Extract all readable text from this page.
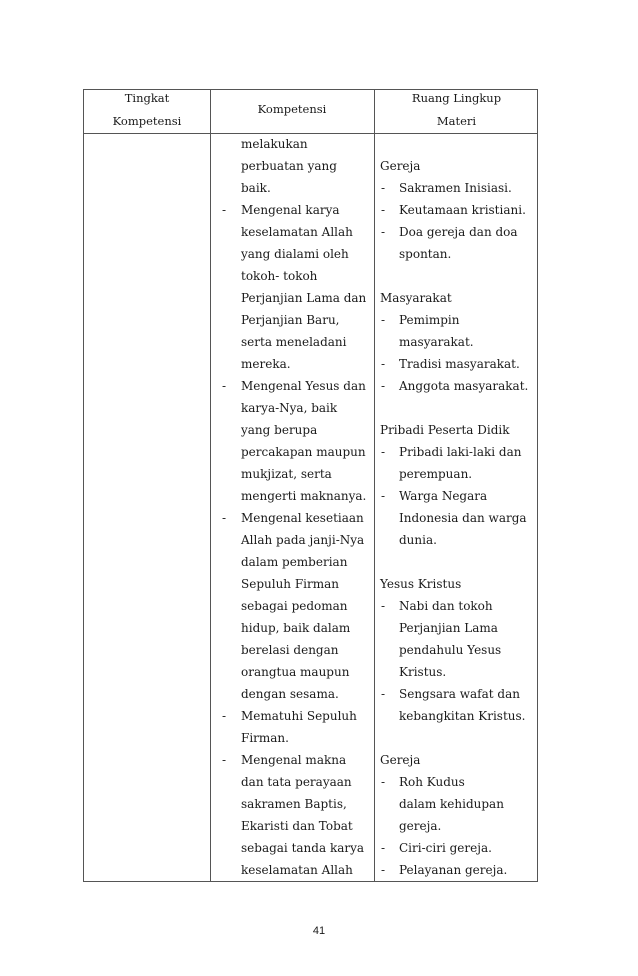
Tingkat
Kompetensi
Kompetensi
Ruang Lingkup
Materi
melakukan
perbuatan yang
baik.
- Mengenal karya
keselamatan Allah
yang dialami oleh
tokoh- tokoh
Perjanjian Lama dan
Perjanjian Baru,
serta meneladani
mereka.
- Mengenal Yesus dan
karya-Nya, baik
yang berupa
percakapan maupun
mukjizat, serta
mengerti maknanya.
- Mengenal kesetiaan
Allah pada janji-Nya
dalam pemberian
Sepuluh Firman
sebagai pedoman
hidup, baik dalam
berelasi dengan
orangtua maupun
dengan sesama.
- Mematuhi Sepuluh
Firman.
- Mengenal makna
dan tata perayaan
sakramen Baptis,
Ekaristi dan Tobat
sebagai tanda karya
keselamatan Allah
Gereja
- Sakramen Inisiasi.
- Keutamaan kristiani.
- Doa gereja dan doa
spontan.
Masyarakat
- Pemimpin
masyarakat.
- Tradisi masyarakat.
- Anggota masyarakat.
Pribadi Peserta Didik
- Pribadi laki-laki dan
perempuan.
- Warga Negara
Indonesia dan warga
dunia.
Yesus Kristus
- Nabi dan tokoh
Perjanjian Lama
pendahulu Yesus
Kristus.
- Sengsara wafat dan
kebangkitan Kristus.
Gereja
- Roh Kudus
dalam kehidupan
gereja.
- Ciri-ciri gereja.
- Pelayanan gereja.
41
